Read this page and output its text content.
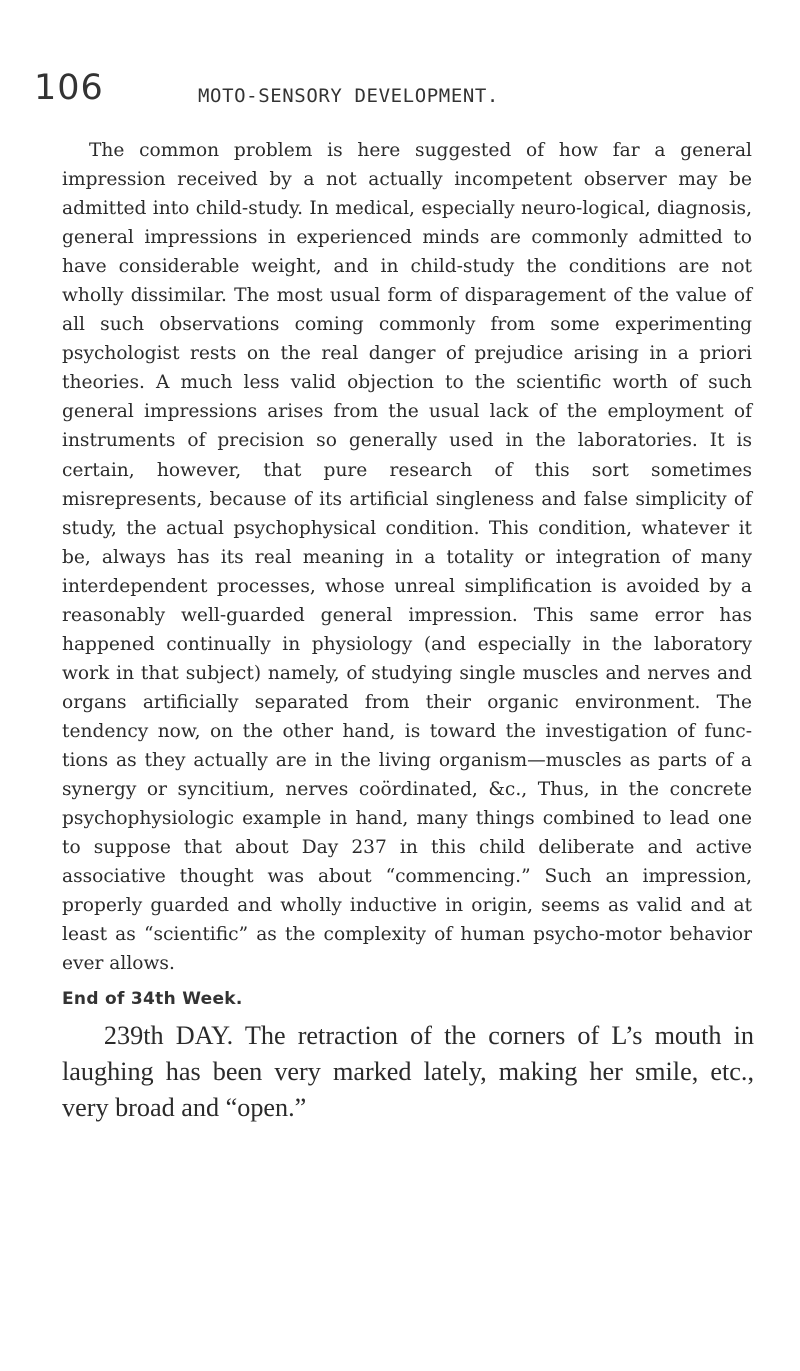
106	MOTO-SENSORY DEVELOPMENT.

The common problem is here suggested of how far a general impression received by a not actually incompetent observer may be admitted into child-study. In medical, especially neuro-logical, diagnosis, general impressions in experienced minds are commonly admitted to have considerable weight, and in child-study the conditions are not wholly dissimilar. The most usual form of disparagement of the value of all such observations coming commonly from some experimenting psychologist rests on the real danger of prejudice arising in a priori theories. A much less valid objection to the scientific worth of such general impressions arises from the usual lack of the employment of instruments of precision so generally used in the laboratories. It is certain, however, that pure research of this sort sometimes misrepresents, because of its artificial singleness and false simplicity of study, the actual psychophysical condition. This condition, whatever it be, always has its real meaning in a totality or integration of many interdependent processes, whose unreal simplification is avoided by a reasonably well-guarded general impression. This same error has happened continually in physiology (and especially in the laboratory work in that subject) namely, of studying single muscles and nerves and organs artificially separated from their organic environment. The tendency now, on the other hand, is toward the investigation of func-tions as they actually are in the living organism—muscles as parts of a synergy or syncitium, nerves coördinated, &c., Thus, in the concrete psychophysiologic example in hand, many things combined to lead one to suppose that about Day 237 in this child deliberate and active associative thought was about “commencing.” Such an impression, properly guarded and wholly inductive in origin, seems as valid and at least as “scientific” as the complexity of human psycho-motor behavior ever allows.

End of 34th Week.

239th DAY. The retraction of the corners of L’s mouth in laughing has been very marked lately, making her smile, etc., very broad and “open.”
